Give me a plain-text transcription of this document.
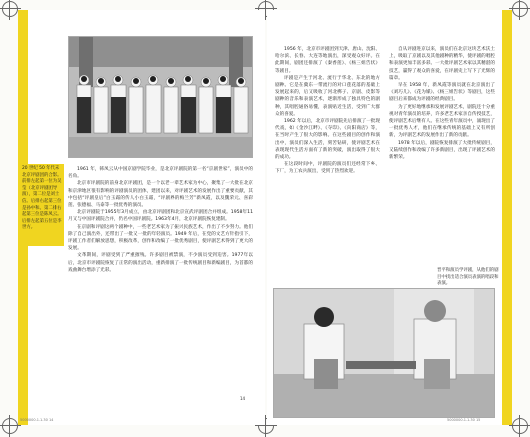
20 世纪 50 年代末北京评剧团的合影。前排左起第一位为吴莹（北京评剧团导演），第二位是刘士信。后排右起第三位是孙中和。第二排右起第三位是陈凤云。后排左起第五位是李世方。

1961 年，韩凤云从中国京剧学院毕业，是北京评剧院的第一名“京剧世家”，演员中的名角。

北京市评剧院的前身北京评剧团，是一个以老一辈艺术家为中心，聚集了一大批在北京和京津地区很有影响的评剧演员的团体，建团以来，对评剧艺术的发展作出了重要贡献，其中包括“评剧皇后”白玉霜的传人小白玉霜，“评剧界的梅兰芳”新凤霞，以及魏荣元、喜彩莲、张德福、马泰等一批优秀的演员。

北京评剧院于1955年3月成立，由北京评剧团和北京宣武评剧团合并组成。1958年11月又与中国评剧院合并，仍名中国评剧院。1963年4月，北京评剧院恢复建制。

在京剧和评剧这两个剧种中，一些老艺术家为了振兴民族艺术，作出了不少努力。他们除了自己演出外，还带出了一批又一批的年轻演员。1949 年后，在党的文艺方针指引下，评剧工作者们解放思想，积极改革，创作和改编了一批优秀剧目，使评剧艺术得到了更大的发展。

文革期间，评剧受到了严重摧残。许多剧目被禁演，不少演员受到迫害。1977年以后，北京市评剧院恢复了正常的演出活动，重新排演了一批传统剧目和新编剧目，为首都的戏曲舞台增添了光彩。

14
5000000.1.1.30 14

1956 年，北京市评剧团到天津、唐山、沈阳、哈尔滨、长春、大连等地演出，深受观众好评。在此期间，剧团还排演了《秦香莲》、《杨三姐告状》等剧目。

评剧是产生于河北、流行于华北、东北的地方剧种。它是在冀东一带流行的对口莲花落的基础上发展起来的，后又吸收了河北梆子、京剧、皮影等剧种的音乐和表演艺术，逐渐形成了独具特色的剧种，其唱腔通俗易懂，表演贴近生活，受到广大群众的喜爱。

1962 年以后，北京市评剧院先后排演了一批现代戏，如《金沙江畔》、《夺印》、《向阳商店》等，在当时产生了很大的影响。在这些剧目的创作和演出中，演员们深入生活，刻苦钻研，使评剧艺术在表现现代生活方面有了新的突破，演出取得了很大的成功。

在这段时间中，评剧院的演员们还经常下乡、下厂，为工农兵演出，受到了热烈欢迎。

自从评剧进京以来，演员们在北京这块艺术沃土上，吸取了京剧以及其他剧种的精华，使评剧的唱腔和表演更加丰富多彩。一大批评剧艺术家以其精湛的技艺，赢得了观众的喜爱，在评剧史上写下了光辉的篇章。

早在 1958 年，新凤霞等演员就在北京演出了《刘巧儿》、《花为媒》、《杨三姐告状》等剧目，这些剧目后来都成为评剧的经典剧目。

为了更好地继承和发展评剧艺术，剧院还十分重视对青年演员的培养，许多老艺术家亲自传授技艺，使评剧艺术后继有人。在这些青年演员中，涌现出了一批优秀人才，他们在继承传统的基础上又有所创新，为评剧艺术的发展作出了新的贡献。

1978 年以后，剧院恢复排演了大批传统剧目，又陆续创作和改编了许多新剧目，出现了评剧艺术的新繁荣。

晋平和演员学评剧，从他们的剧目中找出适合演员表演的唱段和表演。
5000000.1.1.30 15
